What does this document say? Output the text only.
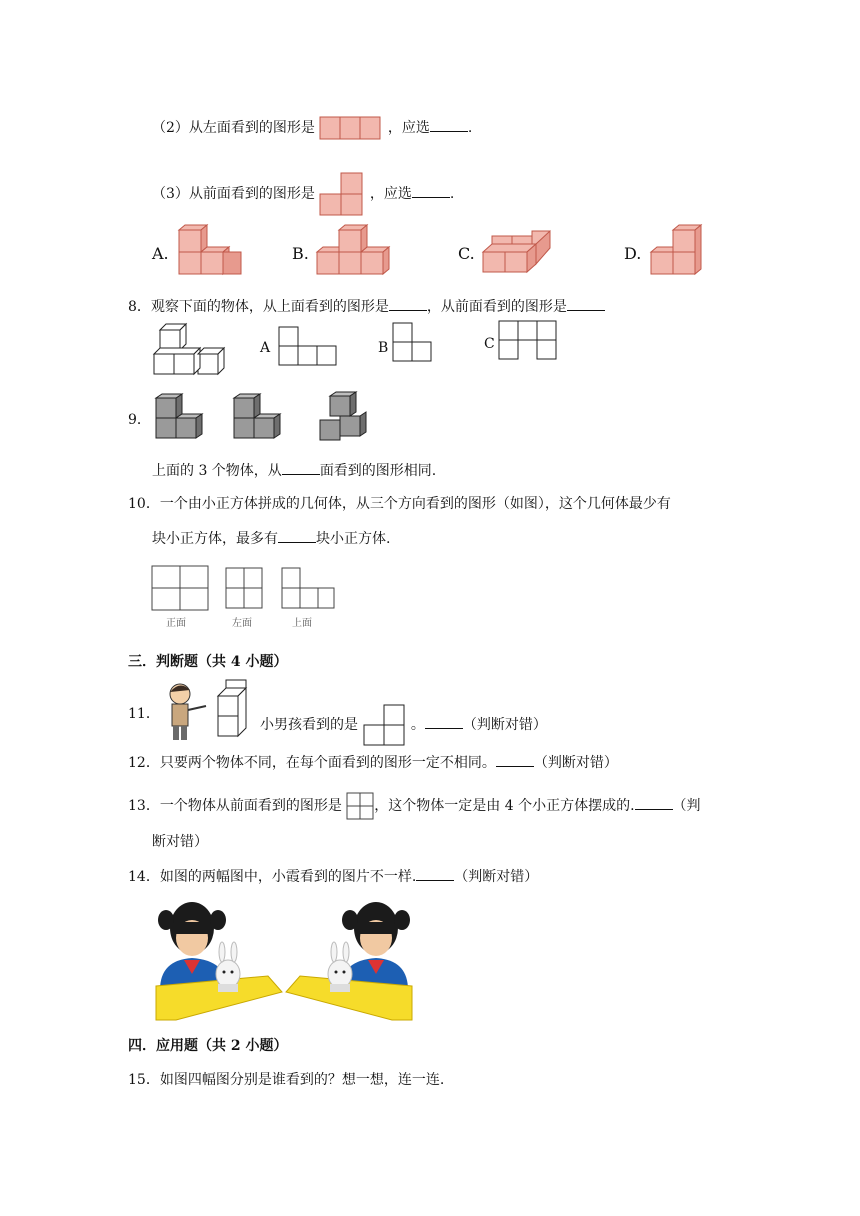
（2）从左面看到的图形是	，应选	.
（3）从前面看到的图形是	，应选	.
A.	B.	C.	D.
8．观察下面的物体，从上面看到的图形是	，从前面看到的图形是
A	B	C
9．
上面的 3 个物体，从	面看到的图形相同.
10．一个由小正方体拼成的几何体，从三个方向看到的图形（如图），这个几何体最少有
块小正方体，最多有	块小正方体.
正面	左面	上面
三．判断题（共 4 小题）
11．
小男孩看到的是	。	（判断对错）
12．只要两个物体不同，在每个面看到的图形一定不相同。	（判断对错）
13．一个物体从前面看到的图形是 ，这个物体一定是由 4 个小正方体摆成的.	（判
断对错）
14．如图的两幅图中，小霞看到的图片不一样.	（判断对错）
四．应用题（共 2 小题）
15．如图四幅图分别是谁看到的？想一想，连一连.
